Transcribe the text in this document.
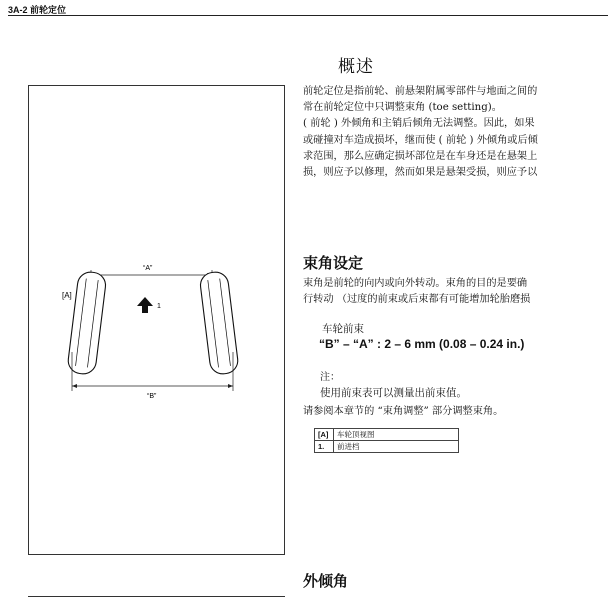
3A-2 前轮定位
[A]
1
“A”
“B”
概述
前轮定位是指前轮、前悬架附属零部件与地面之间的
常在前轮定位中只调整束角 (toe setting)。
( 前轮 ) 外倾角和主销后倾角无法调整。因此，如果
或碰撞对车造成损坏，继而使 ( 前轮 ) 外倾角或后倾
求范围，那么应确定损坏部位是在车身还是在悬架上
损，则应予以修理，然而如果是悬架受损，则应予以
束角设定
束角是前轮的向内或向外转动。束角的目的是要确
行转动 （过度的前束或后束都有可能增加轮胎磨损
车轮前束
“B” – “A” : 2 – 6 mm (0.08 – 0.24 in.)
注：
使用前束表可以测量出前束值。
请参阅本章节的 “束角调整” 部分调整束角。
[A]	车轮顶视图
1.	前进档
外倾角
